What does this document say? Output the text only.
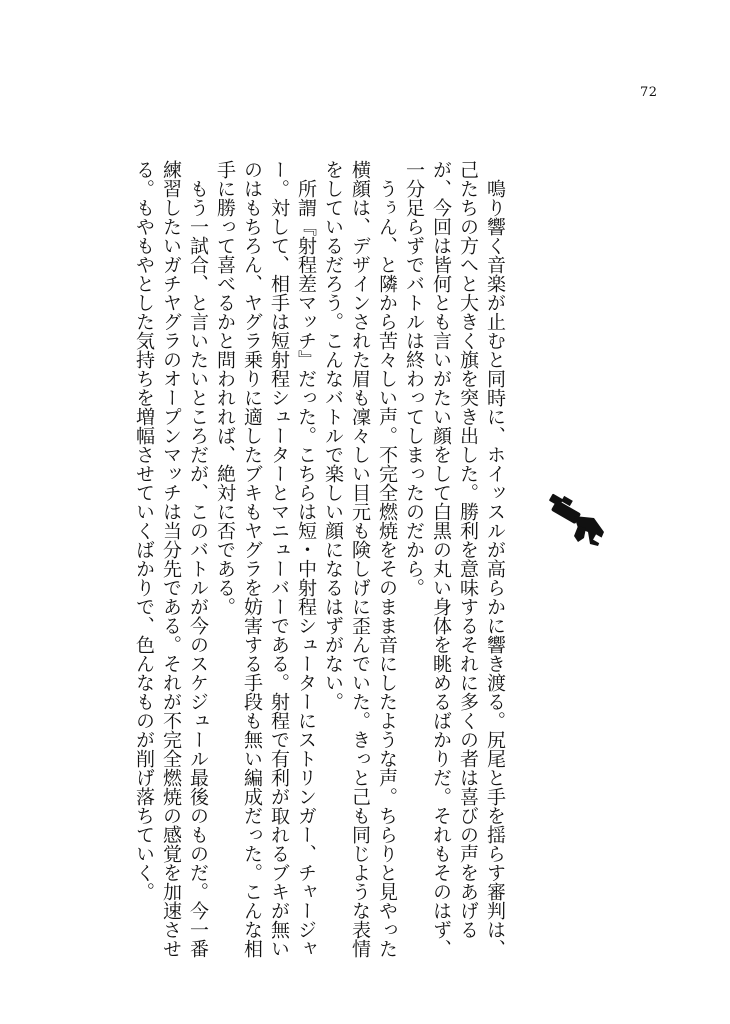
72

鳴り響く音楽が止むと同時に、ホイッスルが高らかに響き渡る。尻尾と手を揺らす審判は、己たちの方へと大きく旗を突き出した。勝利を意味するそれに多くの者は喜びの声をあげるが、今回は皆何とも言いがたい顔をして白黒の丸い身体を眺めるばかりだ。それもそのはず、一分足らずでバトルは終わってしまったのだから。

うぅん、と隣から苦々しい声。不完全燃焼をそのまま音にしたような声。ちらりと見やった横顔は、デザインされた眉も凜々しい目元も険しげに歪んでいた。きっと己も同じような表情をしているだろう。こんなバトルで楽しい顔になるはずがない。

所謂『射程差マッチ』だった。こちらは短・中射程シューターにストリンガー、チャージャー。対して、相手は短射程シューターとマニューバーである。射程で有利が取れるブキが無いのはもちろん、ヤグラ乗りに適したブキもヤグラを妨害する手段も無い編成だった。こんな相手に勝って喜べるかと問われれば、絶対に否である。

もう一試合、と言いたいところだが、このバトルが今のスケジュール最後のものだ。今一番練習したいガチヤグラのオープンマッチは当分先である。それが不完全燃焼の感覚を加速させる。もやもやとした気持ちを増幅させていくばかりで、色んなものが削げ落ちていく。
